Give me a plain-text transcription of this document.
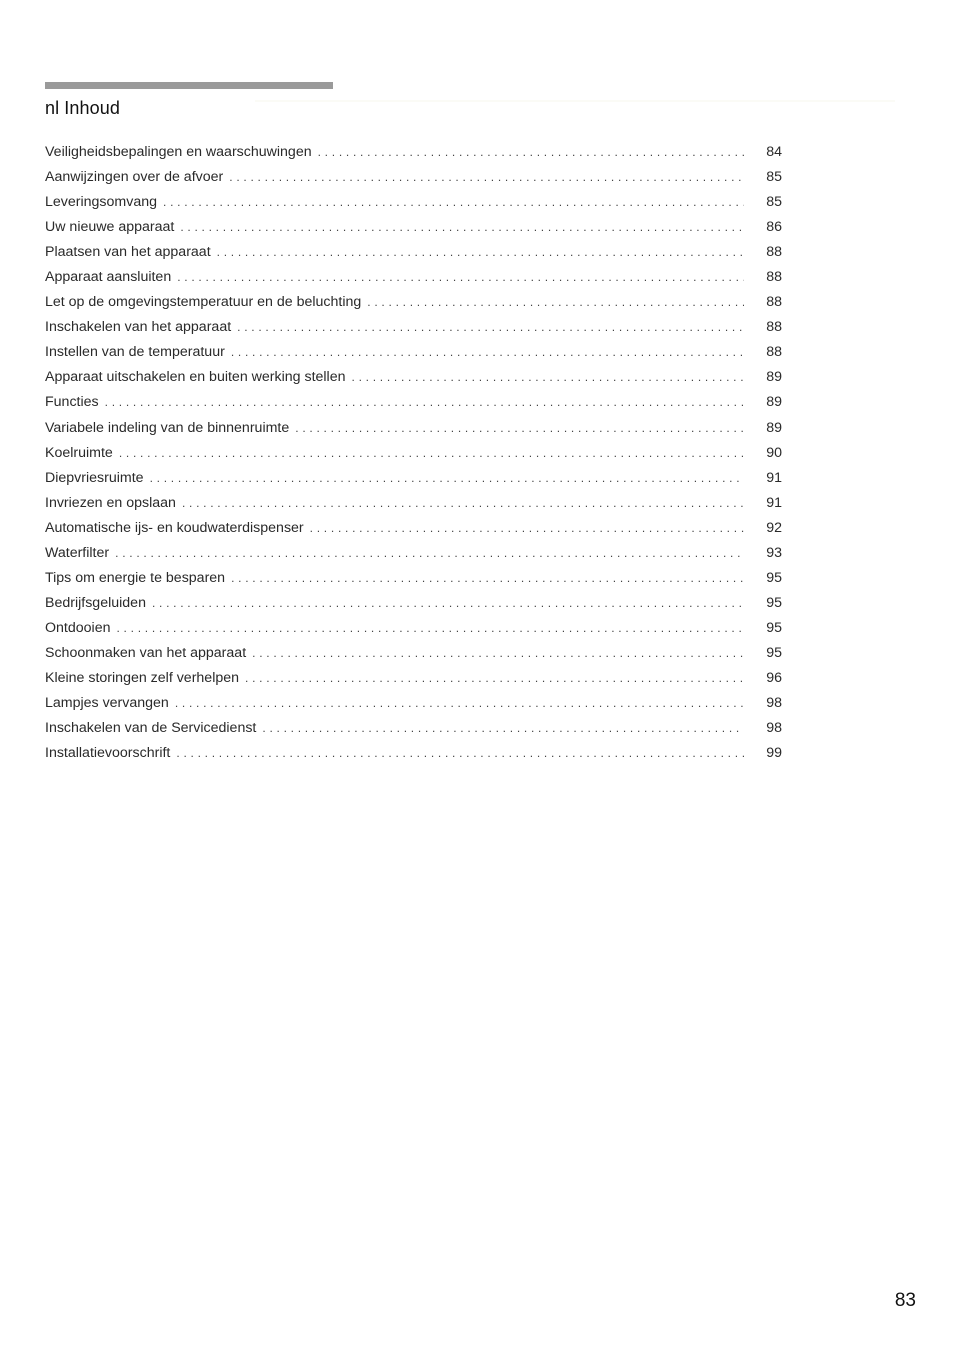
nl Inhoud
Veiligheidsbepalingen en waarschuwingen . . .	84
Aanwijzingen over de afvoer . . .	85
Leveringsomvang . . .	85
Uw nieuwe apparaat . . .	86
Plaatsen van het apparaat . . .	88
Apparaat aansluiten . . .	88
Let op de omgevingstemperatuur en de beluchting . . .	88
Inschakelen van het apparaat . . .	88
Instellen van de temperatuur . . .	88
Apparaat uitschakelen en buiten werking stellen . . .	89
Functies . . .	89
Variabele indeling van de binnenruimte . . .	89
Koelruimte . . .	90
Diepvriesruimte . . .	91
Invriezen en opslaan . . .	91
Automatische ijs- en koudwaterdispenser . . .	92
Waterfilter . . .	93
Tips om energie te besparen . . .	95
Bedrijfsgeluiden . . .	95
Ontdooien . . .	95
Schoonmaken van het apparaat . . .	95
Kleine storingen zelf verhelpen . . .	96
Lampjes vervangen . . .	98
Inschakelen van de Servicedienst . . .	98
Installatievoorschrift . . .	99
83
